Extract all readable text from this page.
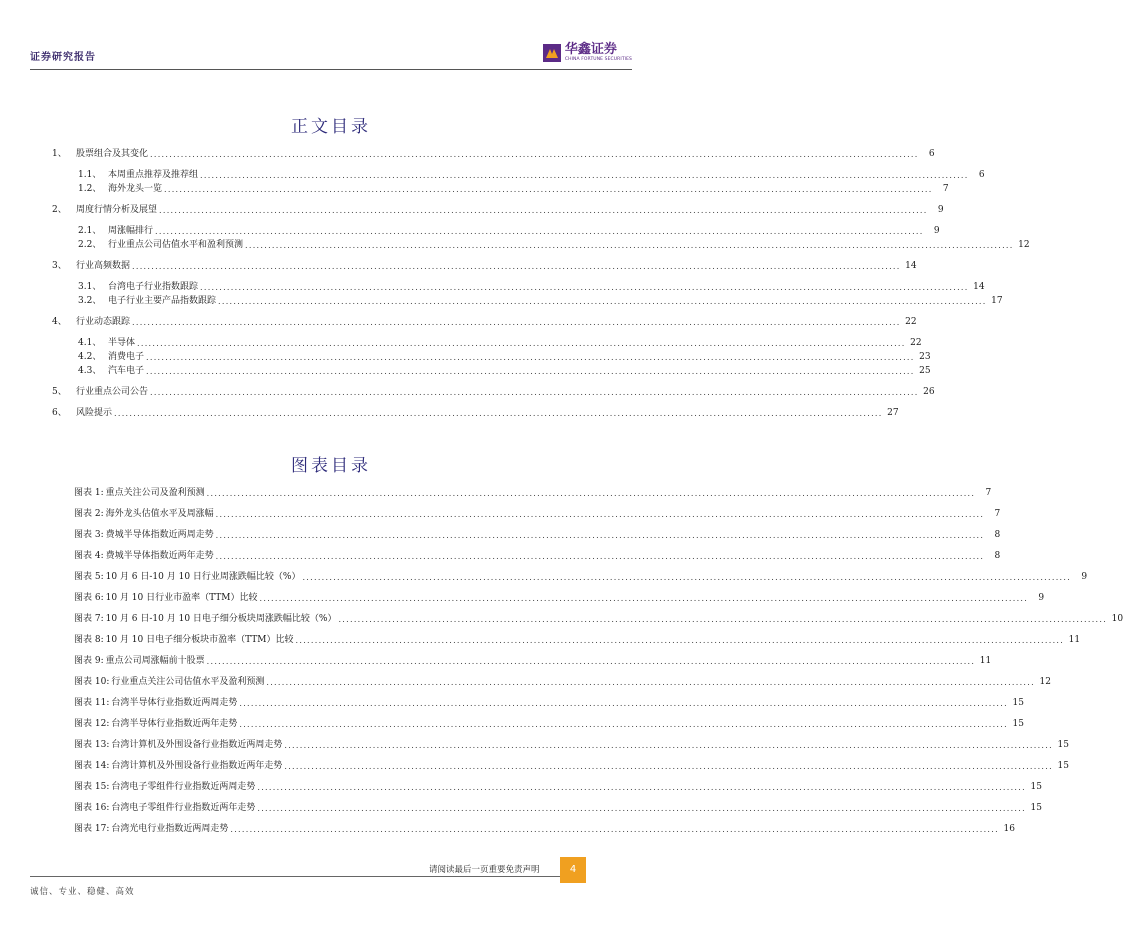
证券研究报告
华鑫证券
CHINA FORTUNE SECURITIES
正文目录
1、	股票组合及其变化 ........................................................................................................................................................................................................	6
1.1、 本周重点推荐及推荐组 ........................................................................................................................................................................................................	6
1.2、 海外龙头一览 ........................................................................................................................................................................................................	7
2、	周度行情分析及展望 ........................................................................................................................................................................................................	9
2.1、 周涨幅排行 ........................................................................................................................................................................................................	9
2.2、 行业重点公司估值水平和盈利预测 ........................................................................................................................................................................................................ 12
3、	行业高频数据 ........................................................................................................................................................................................................ 14
3.1、 台湾电子行业指数跟踪 ........................................................................................................................................................................................................ 14
3.2、 电子行业主要产品指数跟踪 ........................................................................................................................................................................................................ 17
4、	行业动态跟踪 ........................................................................................................................................................................................................ 22
4.1、 半导体 ........................................................................................................................................................................................................ 22
4.2、 消费电子 ........................................................................................................................................................................................................ 23
4.3、 汽车电子 ........................................................................................................................................................................................................ 25
5、	行业重点公司公告 ........................................................................................................................................................................................................ 26
6、	风险提示 ........................................................................................................................................................................................................ 27
图表目录
图表 1: 重点关注公司及盈利预测 ........................................................................................................................................................................................................	7
图表 2: 海外龙头估值水平及周涨幅 ........................................................................................................................................................................................................	7
图表 3: 费城半导体指数近两周走势 ........................................................................................................................................................................................................	8
图表 4: 费城半导体指数近两年走势 ........................................................................................................................................................................................................	8
图表 5: 10 月 6 日-10 月 10 日行业周涨跌幅比较（%） ........................................................................................................................................................................................................	9
图表 6: 10 月 10 日行业市盈率（TTM）比较 ........................................................................................................................................................................................................	9
图表 7: 10 月 6 日-10 月 10 日电子细分板块周涨跌幅比较（%） ........................................................................................................................................................................................................ 10
图表 8: 10 月 10 日电子细分板块市盈率（TTM）比较 ........................................................................................................................................................................................................ 11
图表 9: 重点公司周涨幅前十股票 ........................................................................................................................................................................................................ 11
图表 10: 行业重点关注公司估值水平及盈利预测 ........................................................................................................................................................................................................ 12
图表 11: 台湾半导体行业指数近两周走势 ........................................................................................................................................................................................................ 15
图表 12: 台湾半导体行业指数近两年走势 ........................................................................................................................................................................................................ 15
图表 13: 台湾计算机及外围设备行业指数近两周走势 ........................................................................................................................................................................................................ 15
图表 14: 台湾计算机及外围设备行业指数近两年走势 ........................................................................................................................................................................................................ 15
图表 15: 台湾电子零组件行业指数近两周走势 ........................................................................................................................................................................................................ 15
图表 16: 台湾电子零组件行业指数近两年走势 ........................................................................................................................................................................................................ 15
图表 17: 台湾光电行业指数近两周走势 ........................................................................................................................................................................................................ 16
请阅读最后一页重要免责声明	4
诚信、专业、稳健、高效
